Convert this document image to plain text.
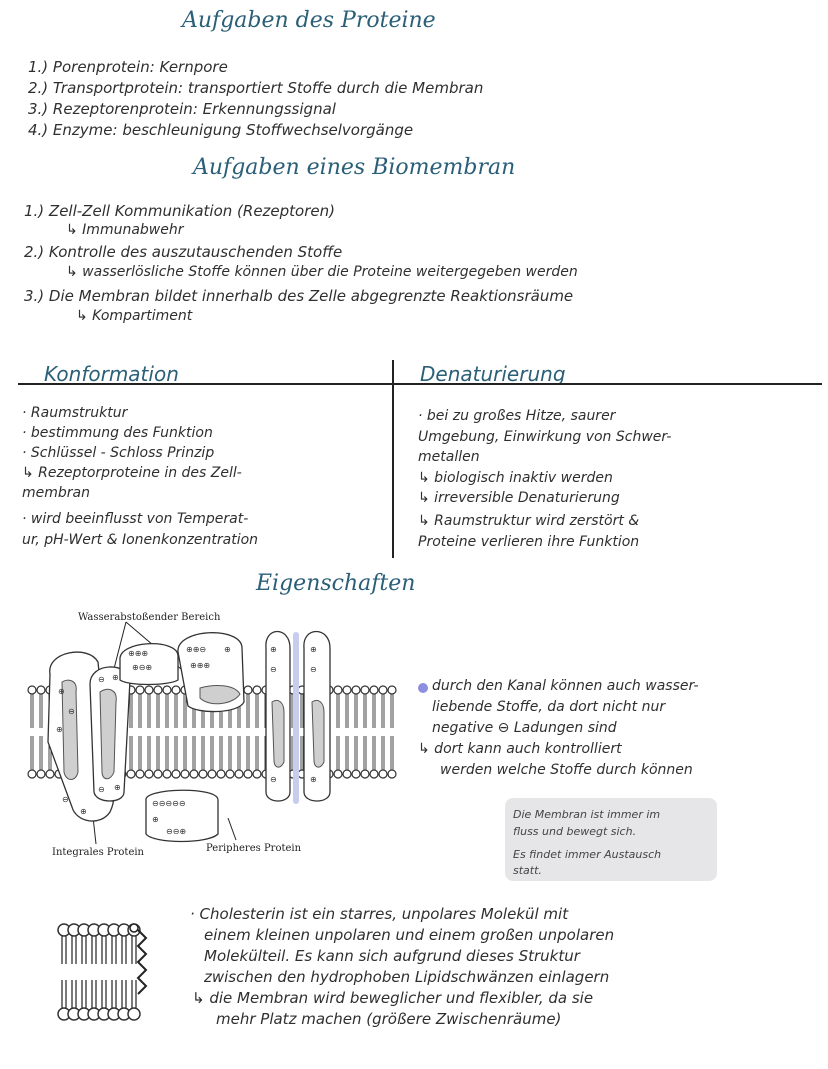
Aufgaben des Proteine
1.) Porenprotein: Kernpore
2.) Transportprotein: transportiert Stoffe durch die Membran
3.) Rezeptorenprotein: Erkennungssignal
4.) Enzyme: beschleunigung Stoffwechselvorgänge
Aufgaben eines Biomembran
1.) Zell-Zell Kommunikation (Rezeptoren)
↳ Immunabwehr
2.) Kontrolle des auszutauschenden Stoffe
↳ wasserlösliche Stoffe können über die Proteine weitergegeben werden
3.) Die Membran bildet innerhalb des Zelle abgegrenzte Reaktionsräume
↳ Kompartiment
Konformation	Denaturierung
· Raumstruktur
· bestimmung des Funktion
· Schlüssel - Schloss Prinzip
↳ Rezeptorproteine in des Zell-
membran
· wird beeinflusst von Temperat-
ur, pH-Wert & Ionenkonzentration
· bei zu großes Hitze, saurer
Umgebung, Einwirkung von Schwer-
metallen
↳ biologisch inaktiv werden
↳ irreversible Denaturierung
↳ Raumstruktur wird zerstört &
Proteine verlieren ihre Funktion
Eigenschaften
Wasserabstoßender Bereich
Integrales Protein	Peripheres Protein
⊕
⊖
⊕
⊖
⊕
⊖ ⊕
⊖ ⊕
⊕⊕⊕
⊕⊖⊕
⊕⊕⊖
⊕⊕⊕
⊕	⊕
⊖
⊖
⊕
⊖
⊕
⊖⊖⊖⊖⊖
⊕
⊖⊖⊕
durch den Kanal können auch wasser-
liebende Stoffe, da dort nicht nur
negative ⊖ Ladungen sind
↳ dort kann auch kontrolliert
werden welche Stoffe durch können
Die Membran ist immer im
fluss und bewegt sich.
Es findet immer Austausch
statt.
· Cholesterin ist ein starres, unpolares Molekül mit
einem kleinen unpolaren und einem großen unpolaren
Molekülteil. Es kann sich aufgrund dieses Struktur
zwischen den hydrophoben Lipidschwänzen einlagern
↳ die Membran wird beweglicher und flexibler, da sie
mehr Platz machen (größere Zwischenräume)
